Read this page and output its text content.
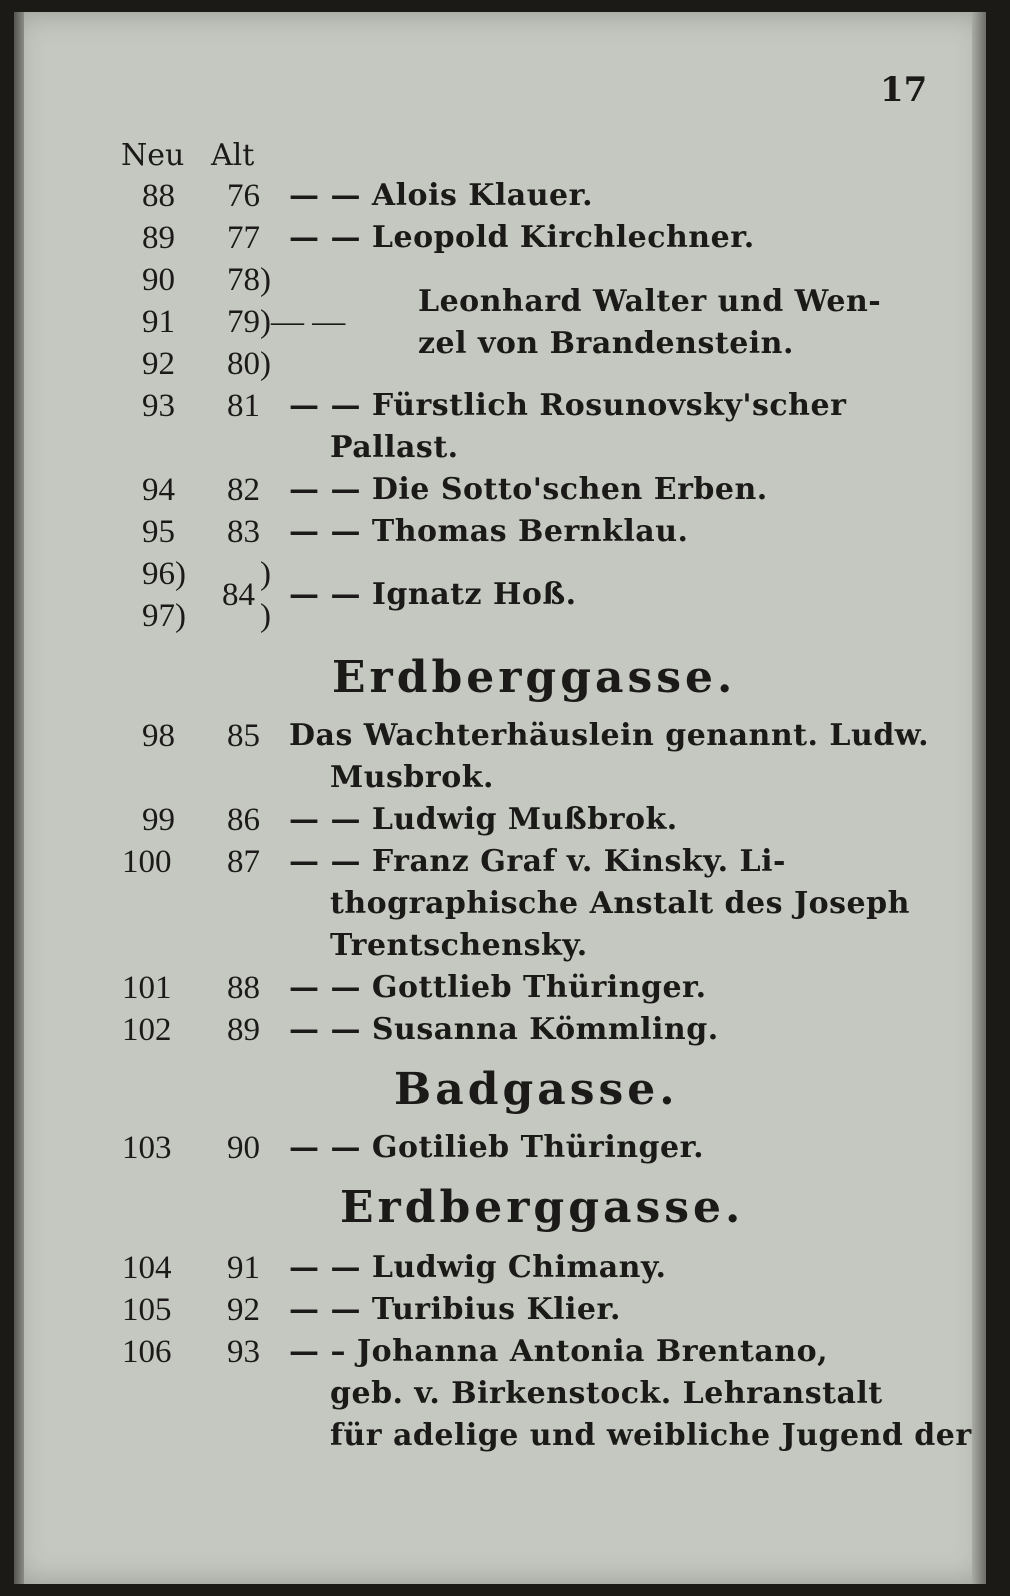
17
Neu Alt
88 76 — — Alois Klauer.
89 77 — — Leopold Kirchlechner.
90 78)
91 79)— —
92 80)
Leonhard Walter und Wen-
zel von Brandenstein.
93 81 — — Fürstlich Rosunovsky'scher
Pallast.
94 82 — — Die Sotto'schen Erben.
95 83 — — Thomas Bernklau.
96)
97)
84
)
)
— — Ignatz Hoß.
Erdberggasse.
98 85 Das Wachterhäuslein genannt. Ludw.
Musbrok.
99 86 — — Ludwig Mußbrok.
100 87 — — Franz Graf v. Kinsky. Li-
thographische Anstalt des Joseph
Trentschensky.
101 88 — — Gottlieb Thüringer.
102 89 — — Susanna Kömmling.
Badgasse.
103 90 — — Gotilieb Thüringer.
Erdberggasse.
104 91 — — Ludwig Chimany.
105 92 — — Turibius Klier.
106 93 — – Johanna Antonia Brentano,
geb. v. Birkenstock. Lehranstalt
für adelige und weibliche Jugend der
